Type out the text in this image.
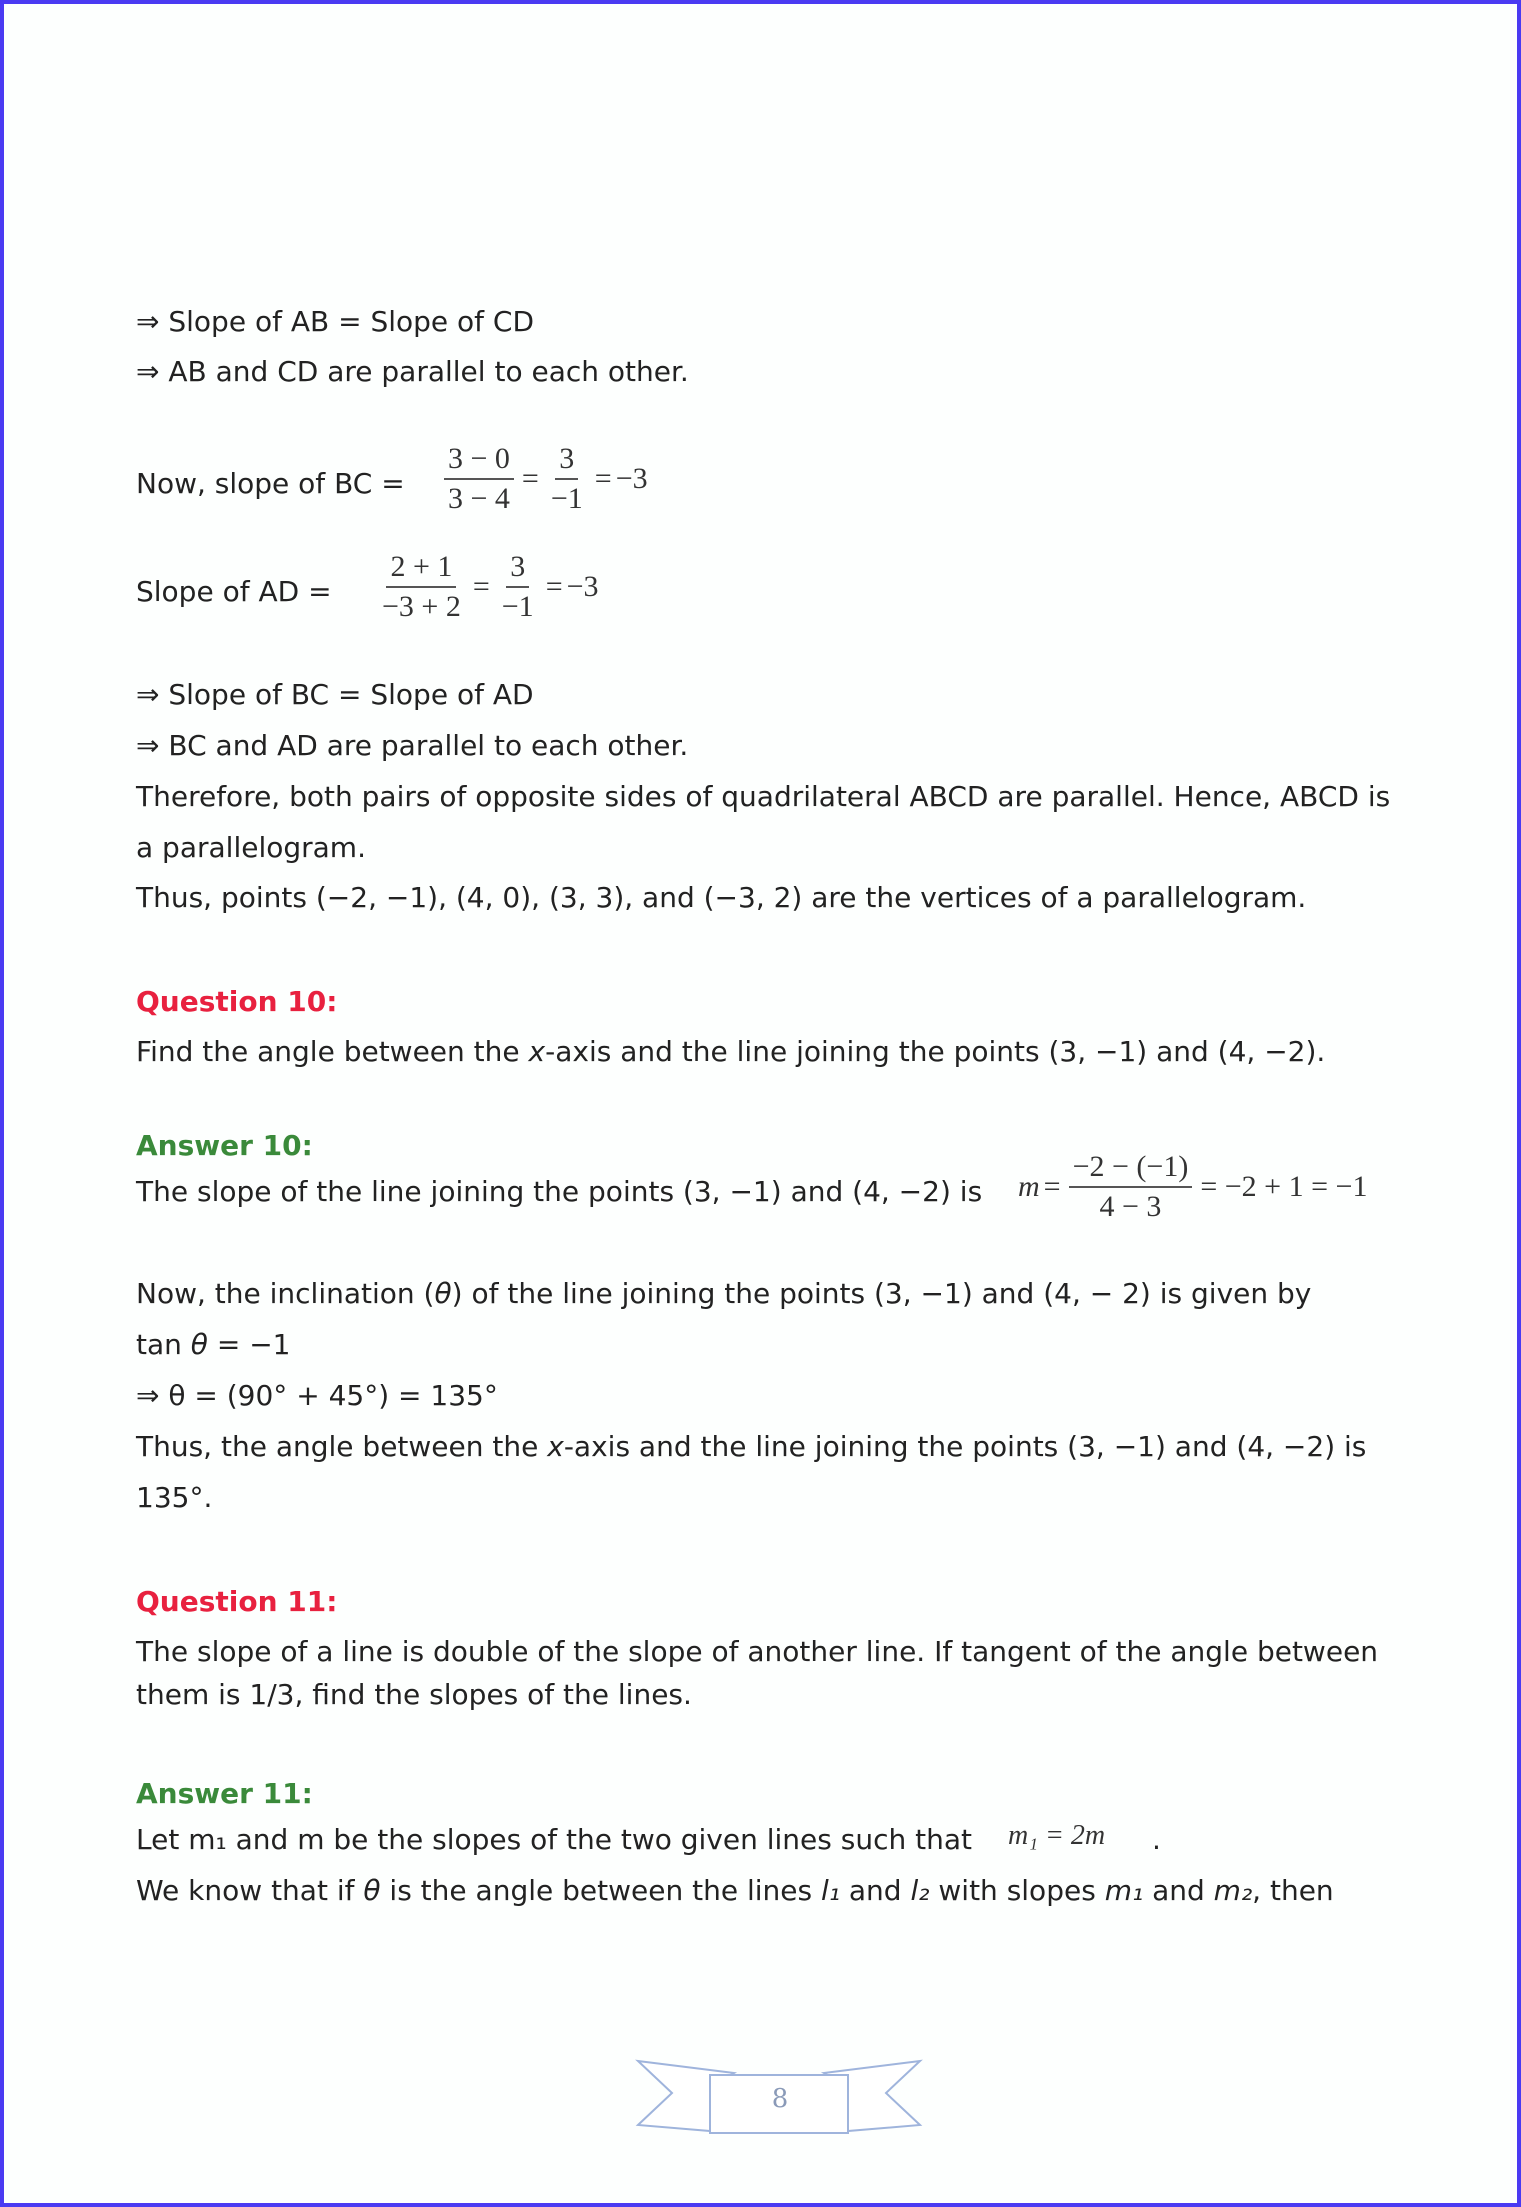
⇒ Slope of AB = Slope of CD
⇒ AB and CD are parallel to each other.
Now, slope of BC = $\frac{3 - 0}{3 - 4} = \frac{3}{-1} = -3$
Slope of AD = $\frac{2 + 1}{-3 + 2} = \frac{3}{-1} = -3$
⇒ Slope of BC = Slope of AD
⇒ BC and AD are parallel to each other.
Therefore, both pairs of opposite sides of quadrilateral ABCD are parallel. Hence, ABCD is
a parallelogram.
Thus, points (−2, −1), (4, 0), (3, 3), and (−3, 2) are the vertices of a parallelogram.
Question 10:
Find the angle between the x-axis and the line joining the points (3, −1) and (4, −2).
Answer 10:
The slope of the line joining the points (3, −1) and (4, −2) is $m = \frac{-2 - (-1)}{4 - 3} = -2 + 1 = -1$
Now, the inclination (θ) of the line joining the points (3, −1) and (4, − 2) is given by
tan θ = −1
⇒ θ = (90° + 45°) = 135°
Thus, the angle between the x-axis and the line joining the points (3, −1) and (4, −2) is
135°.
Question 11:
The slope of a line is double of the slope of another line. If tangent of the angle between
them is 1/3, find the slopes of the lines.
Answer 11:
Let m₁ and m be the slopes of the two given lines such that m₁ = 2m .
We know that if θ is the angle between the lines l₁ and l₂ with slopes m₁ and m₂, then
8
